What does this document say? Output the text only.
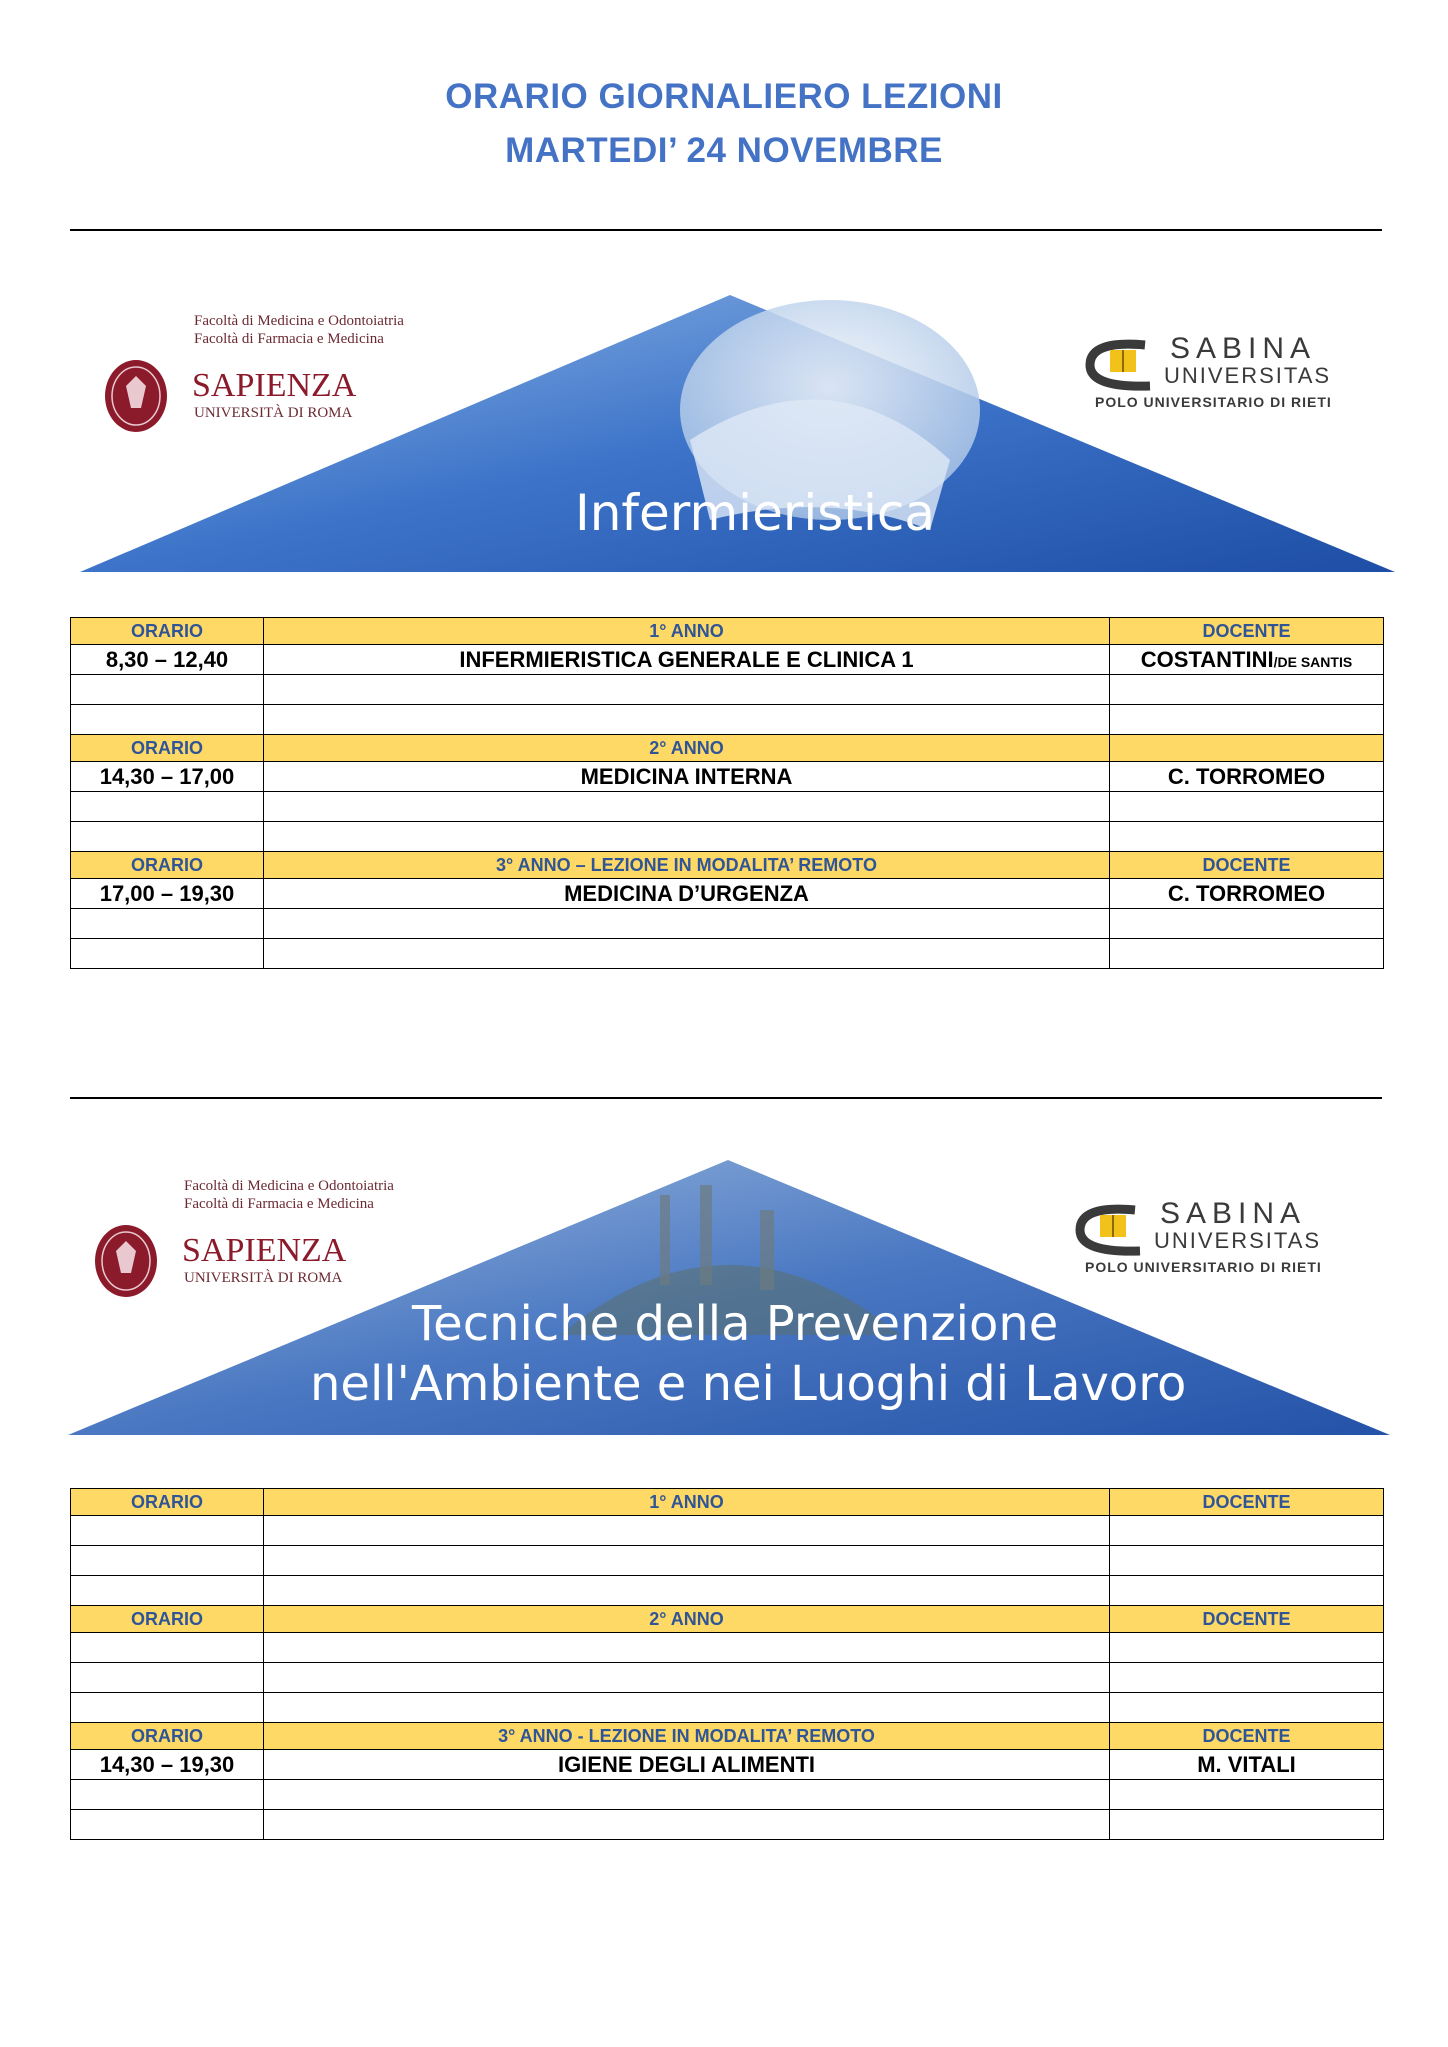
ORARIO GIORNALIERO LEZIONI
MARTEDI’ 24 NOVEMBRE
Facoltà di Medicina e Odontoiatria
Facoltà di Farmacia e Medicina
SAPIENZA
UNIVERSITÀ DI ROMA
SABINA
UNIVERSITAS
POLO UNIVERSITARIO DI RIETI
Infermieristica
ORARIO	1° ANNO	DOCENTE
8,30 – 12,40	INFERMIERISTICA GENERALE E CLINICA 1	COSTANTINI/DE SANTIS

ORARIO	2° ANNO	
14,30 – 17,00	MEDICINA INTERNA	C. TORROMEO

ORARIO	3° ANNO – LEZIONE IN MODALITA’ REMOTO	DOCENTE
17,00 – 19,30	MEDICINA D’URGENZA	C. TORROMEO

Facoltà di Medicina e Odontoiatria
Facoltà di Farmacia e Medicina
SAPIENZA
UNIVERSITÀ DI ROMA
SABINA
UNIVERSITAS
POLO UNIVERSITARIO DI RIETI
Tecniche della Prevenzione
nell'Ambiente e nei Luoghi di Lavoro
ORARIO	1° ANNO	DOCENTE

ORARIO	2° ANNO	DOCENTE

ORARIO	3° ANNO - LEZIONE IN MODALITA’ REMOTO	DOCENTE
14,30 – 19,30	IGIENE DEGLI ALIMENTI	M. VITALI
